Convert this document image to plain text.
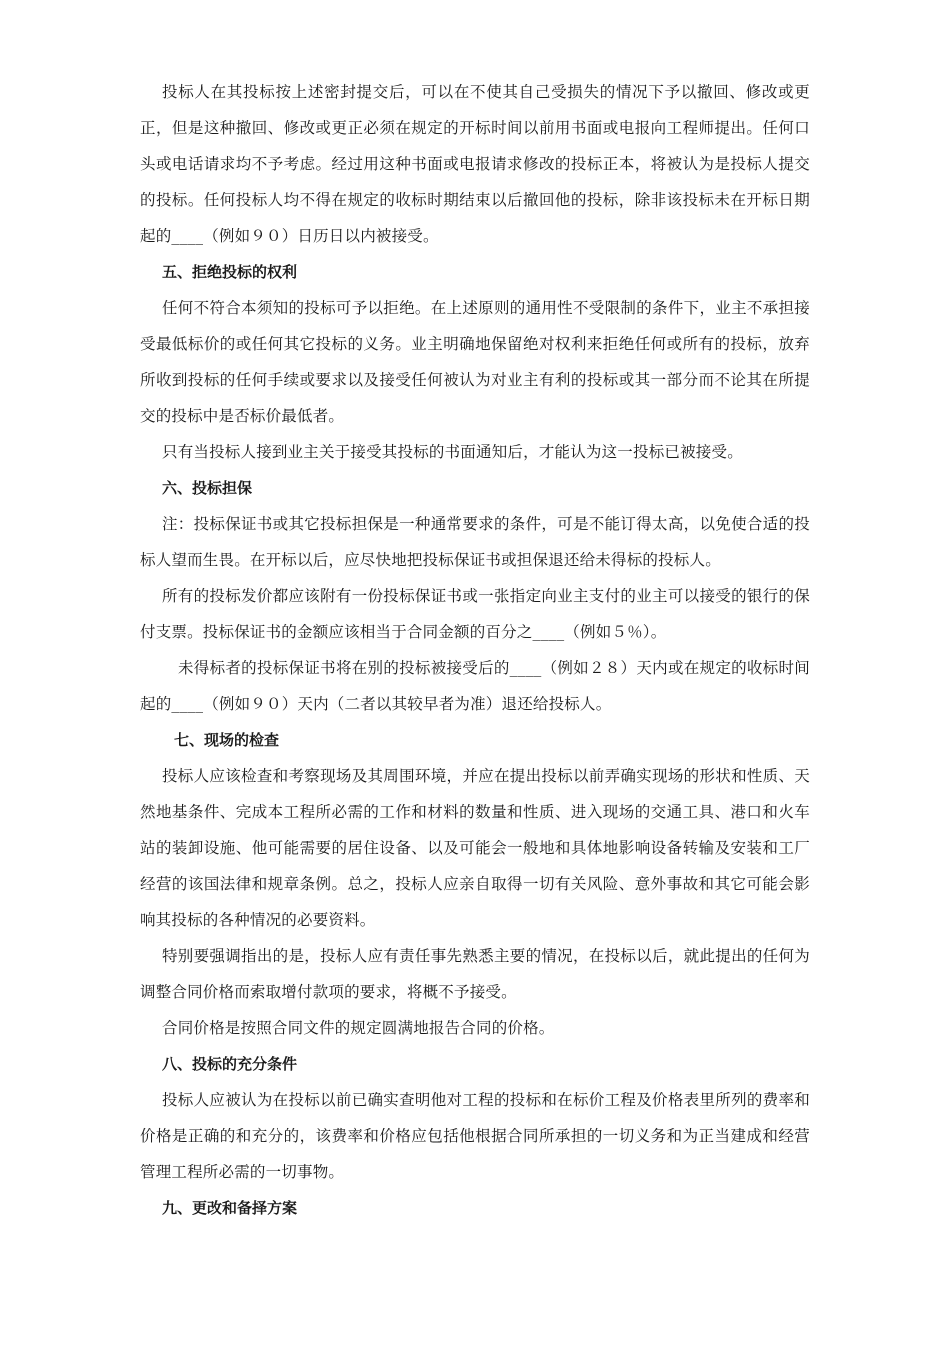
投标人在其投标按上述密封提交后，可以在不使其自己受损失的情况下予以撤回、修改或更正，但是这种撤回、修改或更正必须在规定的开标时间以前用书面或电报向工程师提出。任何口头或电话请求均不予考虑。经过用这种书面或电报请求修改的投标正本，将被认为是投标人提交的投标。任何投标人均不得在规定的收标时期结束以后撤回他的投标，除非该投标未在开标日期起的____（例如９０）日历日以内被接受。

五、拒绝投标的权利

任何不符合本须知的投标可予以拒绝。在上述原则的通用性不受限制的条件下，业主不承担接受最低标价的或任何其它投标的义务。业主明确地保留绝对权利来拒绝任何或所有的投标，放弃所收到投标的任何手续或要求以及接受任何被认为对业主有利的投标或其一部分而不论其在所提交的投标中是否标价最低者。

只有当投标人接到业主关于接受其投标的书面通知后，才能认为这一投标已被接受。

六、投标担保

注：投标保证书或其它投标担保是一种通常要求的条件，可是不能订得太高，以免使合适的投标人望而生畏。在开标以后，应尽快地把投标保证书或担保退还给未得标的投标人。

所有的投标发价都应该附有一份投标保证书或一张指定向业主支付的业主可以接受的银行的保付支票。投标保证书的金额应该相当于合同金额的百分之____（例如５％）。

未得标者的投标保证书将在别的投标被接受后的____（例如２８）天内或在规定的收标时间起的____（例如９０）天内（二者以其较早者为准）退还给投标人。

七、现场的检查

投标人应该检查和考察现场及其周围环境，并应在提出投标以前弄确实现场的形状和性质、天然地基条件、完成本工程所必需的工作和材料的数量和性质、进入现场的交通工具、港口和火车站的装卸设施、他可能需要的居住设备、以及可能会一般地和具体地影响设备转输及安装和工厂经营的该国法律和规章条例。总之，投标人应亲自取得一切有关风险、意外事故和其它可能会影响其投标的各种情况的必要资料。

特别要强调指出的是，投标人应有责任事先熟悉主要的情况，在投标以后，就此提出的任何为调整合同价格而索取增付款项的要求，将概不予接受。

合同价格是按照合同文件的规定圆满地报告合同的价格。

八、投标的充分条件

投标人应被认为在投标以前已确实查明他对工程的投标和在标价工程及价格表里所列的费率和价格是正确的和充分的，该费率和价格应包括他根据合同所承担的一切义务和为正当建成和经营管理工程所必需的一切事物。

九、更改和备择方案
